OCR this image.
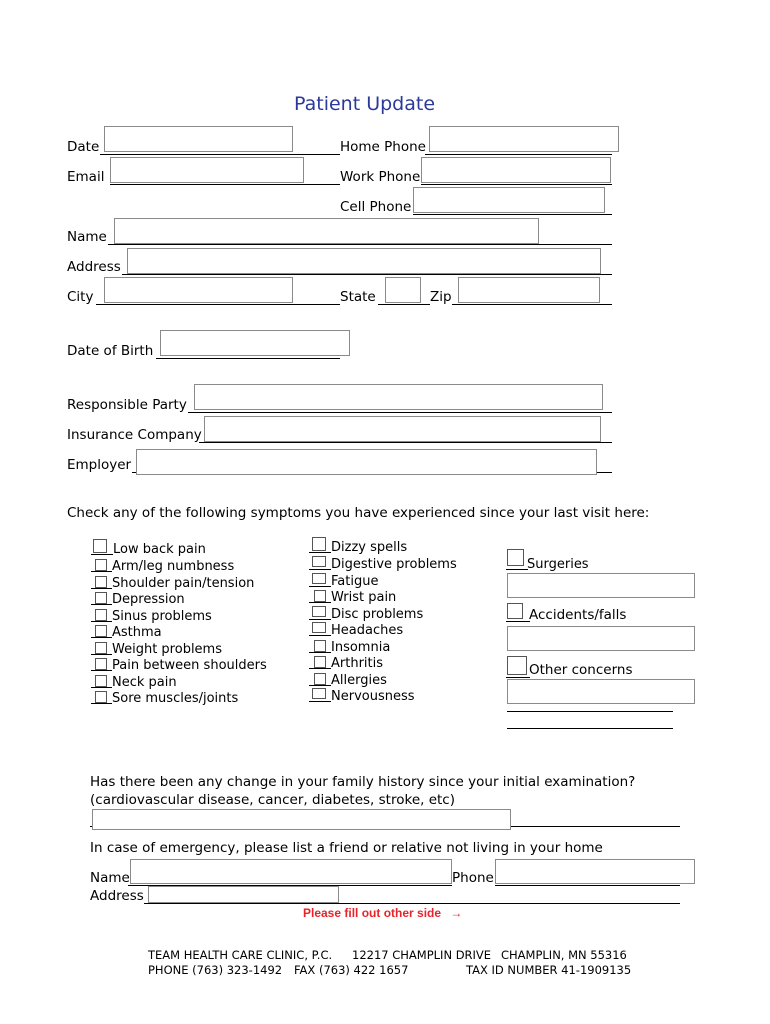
Patient Update
Date	Home Phone
Email	Work Phone
Cell Phone
Name
Address
City	State	Zip
Date of Birth
Responsible Party
Insurance Company
Employer
Check any of the following symptoms you have experienced since your last visit here:
Low back pain
Arm/leg numbness
Shoulder pain/tension
Depression
Sinus problems
Asthma
Weight problems
Pain between shoulders
Neck pain
Sore muscles/joints
Dizzy spells
Digestive problems
Fatigue
Wrist pain
Disc problems
Headaches
Insomnia
Arthritis
Allergies
Nervousness
Surgeries
Accidents/falls
Other concerns
Has there been any change in your family history since your initial examination?
(cardiovascular disease, cancer, diabetes, stroke, etc)
In case of emergency, please list a friend or relative not living in your home
Name	Phone
Address
Please fill out other side →
TEAM HEALTH CARE CLINIC, P.C. 12217 CHAMPLIN DRIVE CHAMPLIN, MN 55316
PHONE (763) 323-1492 FAX (763) 422 1657	TAX ID NUMBER 41-1909135
